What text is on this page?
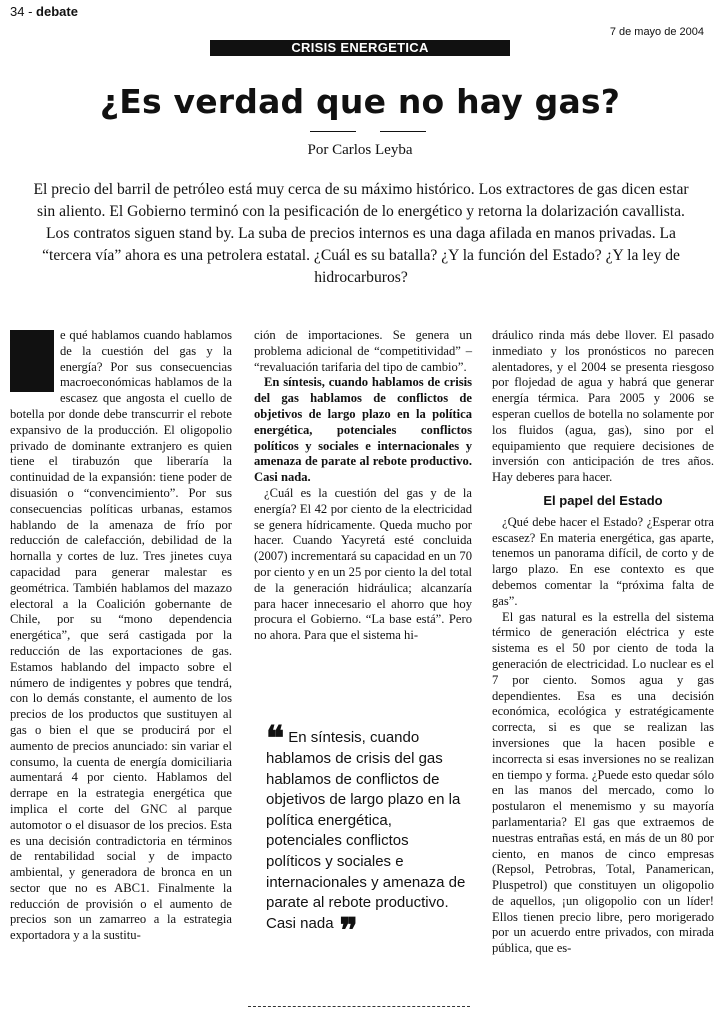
34 - debate
7 de mayo de 2004
CRISIS ENERGETICA
¿Es verdad que no hay gas?
Por Carlos Leyba
El precio del barril de petróleo está muy cerca de su máximo histórico. Los extractores de gas dicen estar sin aliento. El Gobierno terminó con la pesificación de lo energético y retorna la dolarización cavallista. Los contratos siguen stand by. La suba de precios internos es una daga afilada en manos privadas. La “tercera vía” ahora es una petrolera estatal. ¿Cuál es su batalla? ¿Y la función del Estado? ¿Y la ley de hidrocarburos?
D	e qué hablamos cuando hablamos de la cuestión del gas y la energía? Por sus consecuencias macroeconómicas hablamos de la escasez que angosta el cuello de botella por donde debe transcurrir el rebote expansivo de la producción. El oligopolio privado de dominante extranjero es quien tiene el tirabuzón que liberaría la continuidad de la expansión: tiene poder de disuasión o “convencimiento”. Por sus consecuencias políticas urbanas, estamos hablando de la amenaza de frío por reducción de calefacción, debilidad de la hornalla y cortes de luz. Tres jinetes cuya capacidad para generar malestar es geométrica. También hablamos del mazazo electoral a la Coalición gobernante de Chile, por su “mono dependencia energética”, que será castigada por la reducción de las exportaciones de gas. Estamos hablando del impacto sobre el número de indigentes y pobres que tendrá, con lo demás constante, el aumento de los precios de los productos que sustituyen al gas o bien el que se producirá por el aumento de precios anunciado: sin variar el consumo, la cuenta de energía domiciliaria aumentará 4 por ciento. Hablamos del derrape en la estrategia energética que implica el corte del GNC al parque automotor o el disuasor de los precios. Esta es una decisión contradictoria en términos de rentabilidad social y de impacto ambiental, y generadora de bronca en un sector que no es ABC1. Finalmente la reducción de provisión o el aumento de precios son un zamarreo a la estrategia exportadora y a la sustitu-

ción de importaciones. Se genera un problema adicional de “competitividad” – “revaluación tarifaria del tipo de cambio”.

En síntesis, cuando hablamos de crisis del gas hablamos de conflictos de objetivos de largo plazo en la política energética, potenciales conflictos políticos y sociales e internacionales y amenaza de parate al rebote productivo. Casi nada.

¿Cuál es la cuestión del gas y de la energía? El 42 por ciento de la electricidad se genera hídricamente. Queda mucho por hacer. Cuando Yacyretá esté concluida (2007) incrementará su capacidad en un 70 por ciento y en un 25 por ciento la del total de la generación hidráulica; alcanzaría para hacer innecesario el ahorro que hoy procura el Gobierno. “La base está”. Pero no ahora. Para que el sistema hi-

❝ En síntesis, cuando hablamos de crisis del gas hablamos de conflictos de objetivos de largo plazo en la política energética, potenciales conflictos políticos y sociales e internacionales y amenaza de parate al rebote productivo. Casi nada ❞

dráulico rinda más debe llover. El pasado inmediato y los pronósticos no parecen alentadores, y el 2004 se presenta riesgoso por flojedad de agua y habrá que generar energía térmica. Para 2005 y 2006 se esperan cuellos de botella no solamente por los fluidos (agua, gas), sino por el equipamiento que requiere decisiones de inversión con anticipación de tres años. Hay deberes para hacer.

El papel del Estado

¿Qué debe hacer el Estado? ¿Esperar otra escasez? En materia energética, gas aparte, tenemos un panorama difícil, de corto y de largo plazo. En ese contexto es que debemos comentar la “próxima falta de gas”.

El gas natural es la estrella del sistema térmico de generación eléctrica y este sistema es el 50 por ciento de toda la generación de electricidad. Lo nuclear es el 7 por ciento. Somos agua y gas dependientes. Esa es una decisión económica, ecológica y estratégicamente correcta, si es que se realizan las inversiones que la hacen posible e incorrecta si esas inversiones no se realizan en tiempo y forma. ¿Puede esto quedar sólo en las manos del mercado, como lo postularon el menemismo y su mayoría parlamentaria? El gas que extraemos de nuestras entrañas está, en más de un 80 por ciento, en manos de cinco empresas (Repsol, Petrobras, Total, Panamerican, Pluspetrol) que constituyen un oligopolio de aquellos, ¡un oligopolio con un líder! Ellos tienen precio libre, pero morigerado por un acuerdo entre privados, con mirada pública, que es-
